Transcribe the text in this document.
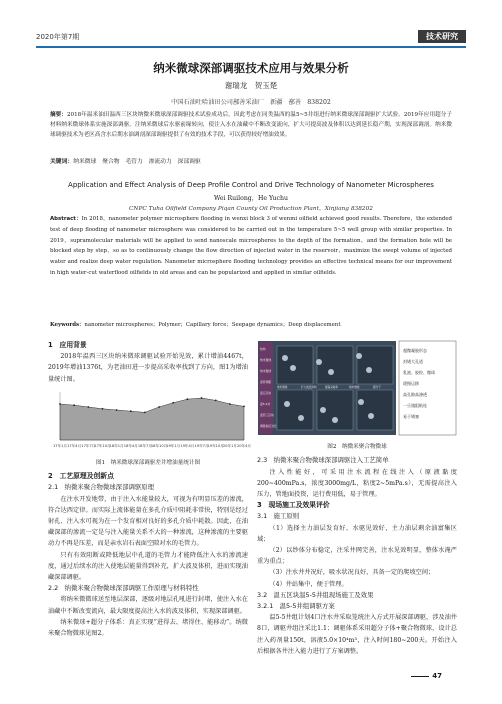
2020年第7期	技术研究
纳米微球深部调驱技术应用与效果分析
谢瑞龙　贺玉楚
中国石油吐哈油田公司鄯善采油厂　新疆　鄯善　838202
摘要：2018年温米油田温西三区块纳微米微球深部调驱技术试验成功后，因此考虑在同类温西的温5~5井组进行纳米微球深部调驱扩大试验。2019年应用超分子材料纳米微球体系实施深部调驱。注纳米微球后水驱前缘转向，使注入水在油藏中不断改变流向，扩大可提高波及体积以达到延长稳产期，实现深部调剖。纳米微球调驱技术为老区高含水后期水油调剖深部调驱提供了有效的技术手段，可以获得较好增油效果。
关键词：纳米微球　聚合物　毛管力　渗流动力　深部调驱
Application and Effect Analysis of Deep Profile Control and Drive Technology of Nanometer Microspheres
Wei Ruilong，He Yuchu
CNPC Tuha Oilfield Company Piqan County Oil Production Plant，Xinjiang 838202
Abstract：In 2018，nanometer polymer microsphere flooding in wenxi block 3 of wenmi oilfield achieved good results. Therefore，the extended test of deep flooding of nanometer microsphere was considered to be carried out in the temperature 5~5 well group with similar properties. In 2019，supramolecular materials will be applied to send nanoscale microspheres to the depth of the formation，and the formation hole will be blocked step by step，so as to continuously change the flow direction of injected water in the reservoir，maximize the swept volume of injected water and realize deep water regulation. Nanometer microsphere flooding technology provides an effective technical means for our improvement in high water-cut waterflood oilfields in old areas and can be popularized and applied in similar oilfields.
Keywords：nanometer microspheres；Polymer；Capillary force；Seepage dynamics；Deep displacement
1　应用背景

2018年温西三区块纳米微球调驱试验开始见效，累计增油4467t，2019年增油1376t，为老油田进一步提高采收率找到了方向，图1为增油量统计图。

17年1月 17年4月 17年7月
17年10月
18年1月 18年4月 18年7月
18年10月
19年1月 19年4月 19年7月
19年10月
20年1月 20年4月
图1　纳米微球深部调驱差井增油量统计图
2　工艺原理及创新点
2.1　纳微米聚合物微球深部调驱原理

在注水开发地带，由于注入水能量较大，可视为有明显压差的渗流，符合达西定律。而实际上流体能量在多孔介质中阻耗非常快，特别是经过射孔、注入水可视为在一个发育相对良好的多孔介质中耗散。因此，在油藏深部的渗流一定是与注入能量关系不大的一种渗流，这种渗流的主要驱动力不再是压差，而是亲水岩石表面空隙对水的毛管力。

只有有效阻断或降低地层中孔道的毛管力才能降低注入水的渗流速度，通过后续水的注入使地层能量得到补充，扩大波及体积，进而实现油藏深部调驱。

2.2　纳微米聚合物微球深部调驱工作原理与材料特性

将纳米微微球送至地层深部，逐级对地层孔吼进行封堵，使注入水在油藏中不断改变流向，最大限度提高注入水的波及体积，实现深部调驱。

纳米微球+超分子体系：真正实现“进得去、堵得住、能移动”。纳微米聚合物微球见图2。

超微凝胶形态
封堵大孔道
乳液、胶粒、微球
缓慢运移
高孔隙高渗透
一旦遇阻粘连
易于堵塞
结构
纳米微球
纳米微球
深部调驱
温五区块
温5-5井
温西三区块
调驱前后对比
纳米微球	扩大波及体积	提高采收率	纳米微球	超分子
图2　纳微米聚合物微球
2.3　纳微米聚合物微球深部调驱注入工艺简单

注入性能好，可采用注水流程在线注入（原液黏度200~400mPa.s，浓度3000mg/L，粘度2~5mPa.s），无需提高注入压力，管地面投资，运行费用低，易于管理。

3　现场施工及效果评价
3.1　施工原则

（1）选择主力油层发育好、水驱见效好，主力油层剩余油富集区域；

（2）以纱体分布稳定，注采井网完善，注水见效明显，整体水淹严重为重点；

（3）注水井井况好，吸水状况良好，具备一定的爬坡空间；

（4）井站集中，便于管理。

3.2　温五区块温5-5井组现场施工及效果
3.2.1　温5-5井组调驱方案

温5-5井组计划4口注水井采取笼统注入方式开展深部调驱，涉及油井8口，调驱井组注采比1.1；调驱体系采用超分子体+聚合物微球，设计总注入药剂量150t，溶液5.0×10⁴m³，注入时间180~200天。开始注入后根据各井注入能力进行了方案调整。

47
